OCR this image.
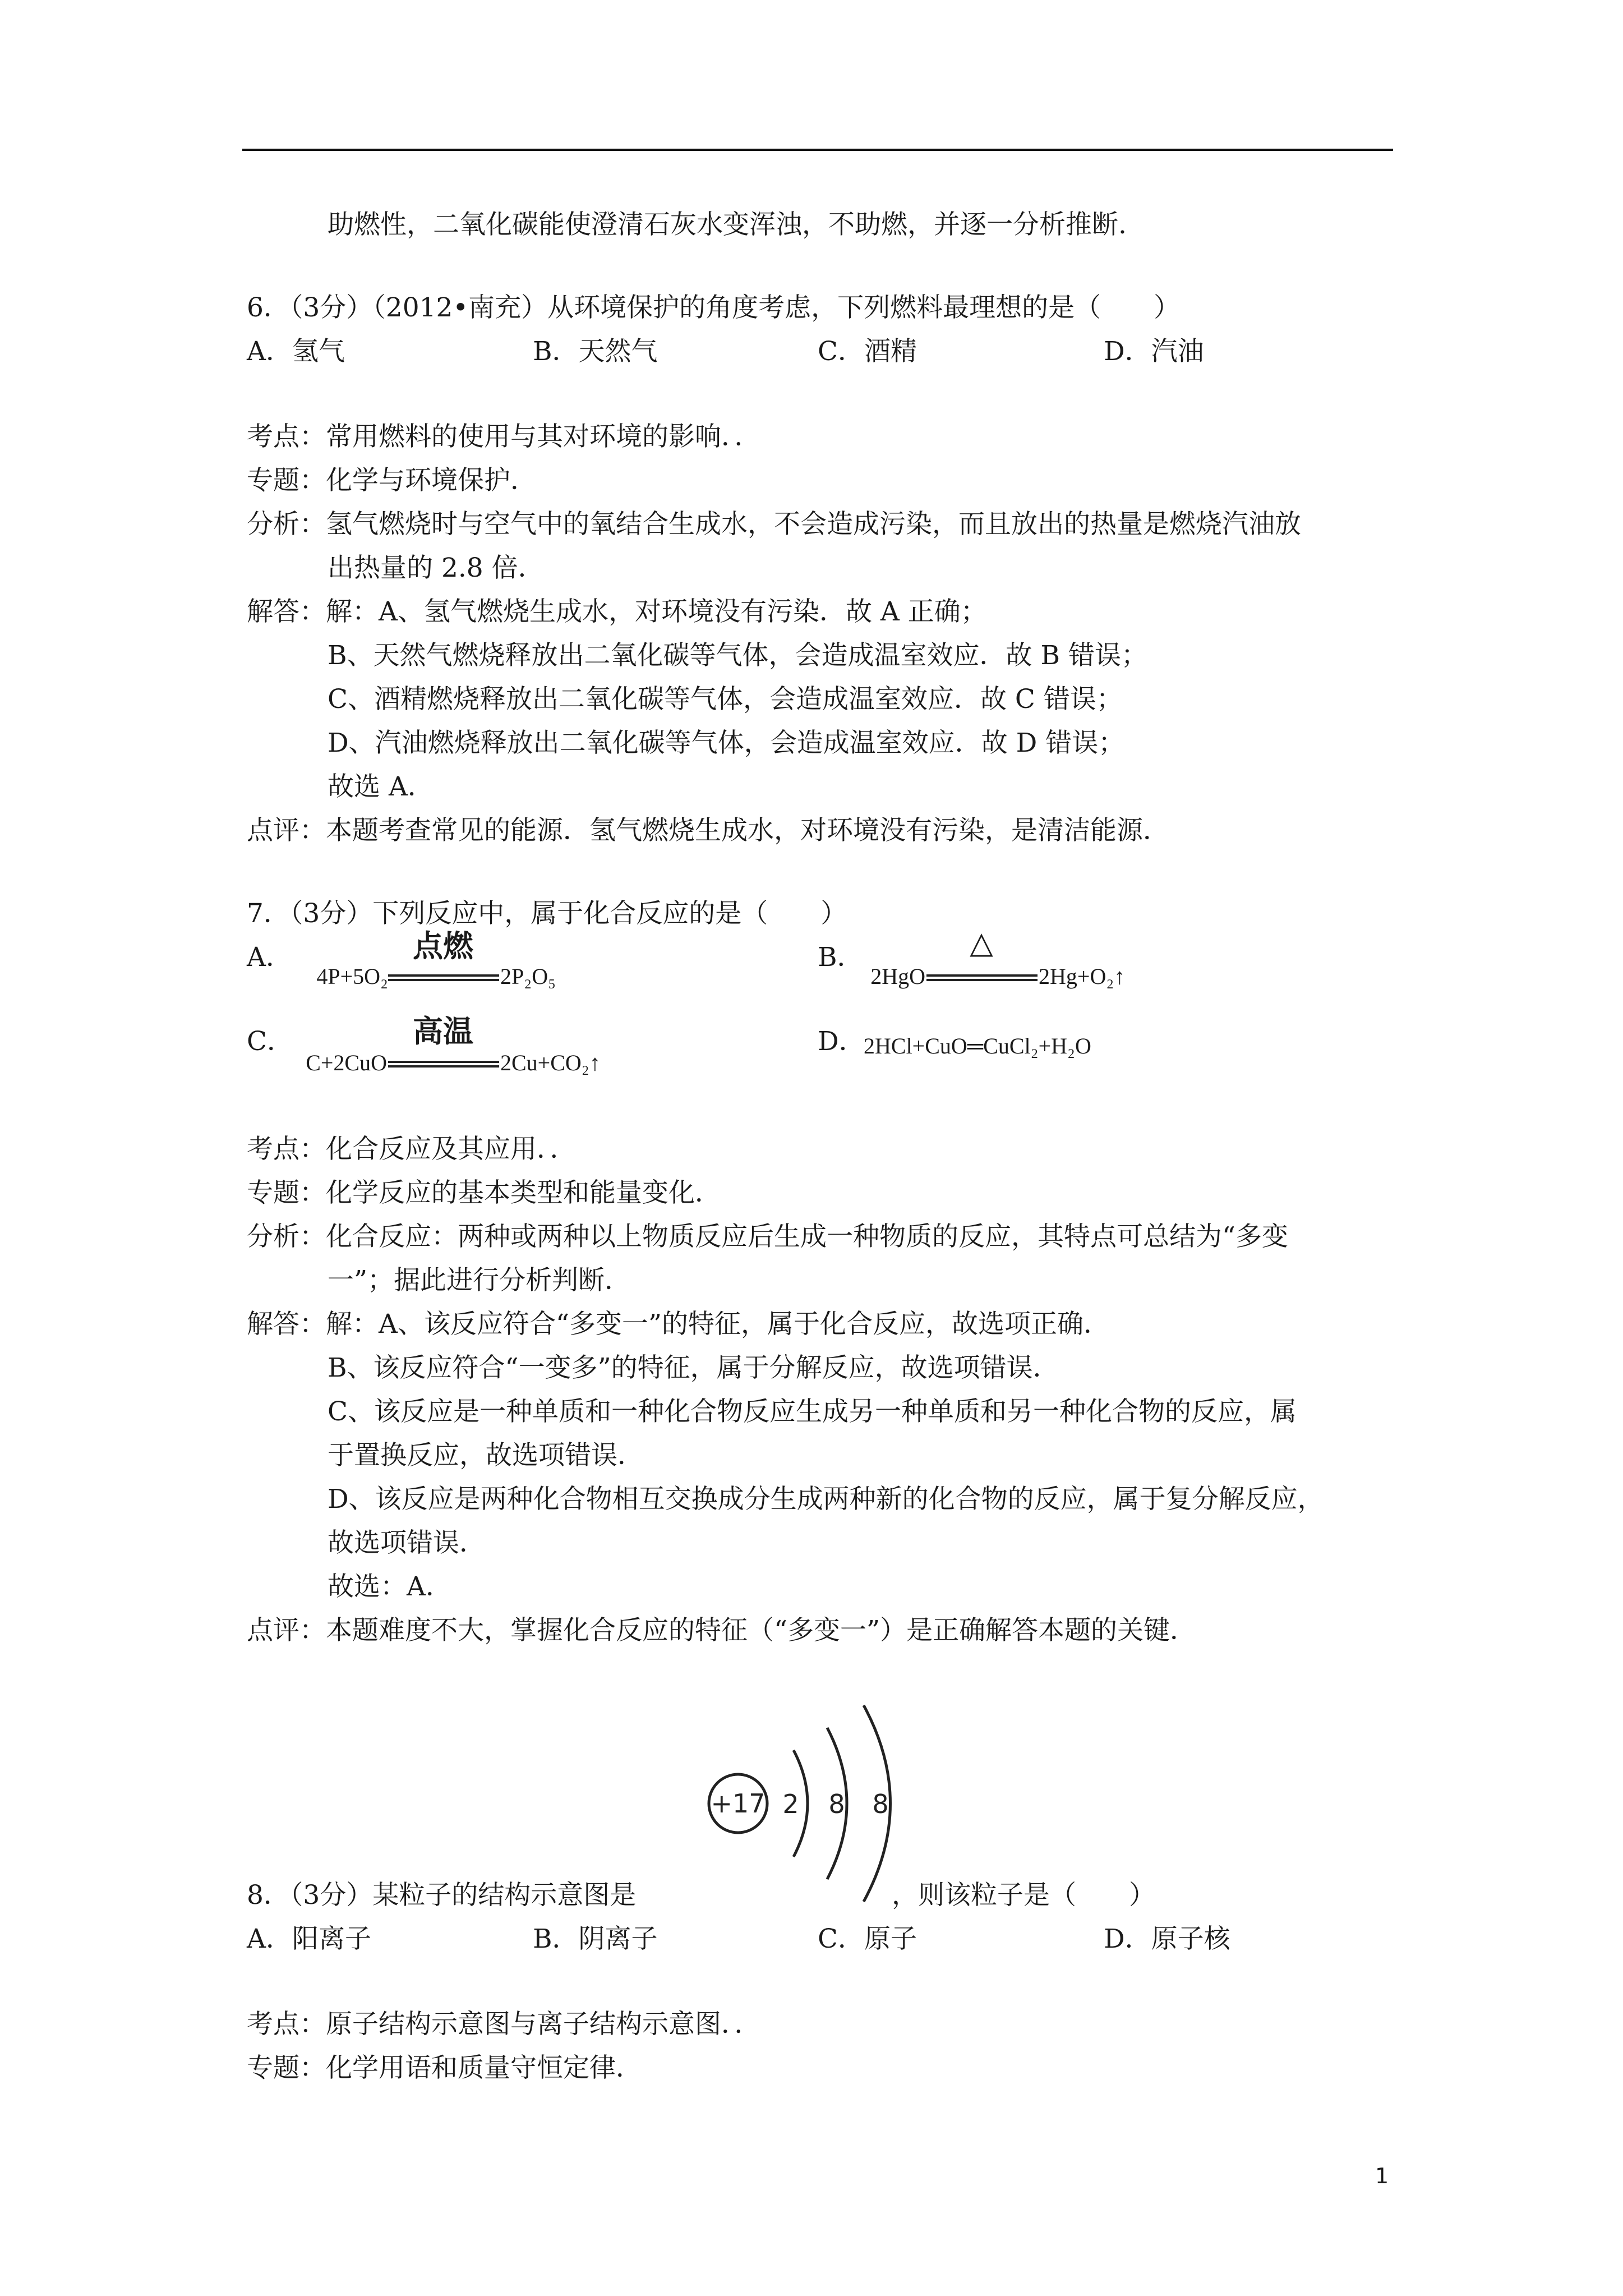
助燃性，二氧化碳能使澄清石灰水变浑浊，不助燃，并逐一分析推断.
6．（3分）（2012•南充）从环境保护的角度考虑，下列燃料最理想的是（　　）
A．氢气	B．天然气	C．酒精	D．汽油
考点：常用燃料的使用与其对环境的影响．．
专题：化学与环境保护．
分析：氢气燃烧时与空气中的氧结合生成水，不会造成污染，而且放出的热量是燃烧汽油放
出热量的 2.8 倍．
解答：解：A、氢气燃烧生成水，对环境没有污染．故 A 正确；
B、天然气燃烧释放出二氧化碳等气体，会造成温室效应．故 B 错误；
C、酒精燃烧释放出二氧化碳等气体，会造成温室效应．故 C 错误；
D、汽油燃烧释放出二氧化碳等气体，会造成温室效应．故 D 错误；
故选 A．
点评：本题考查常见的能源．氢气燃烧生成水，对环境没有污染，是清洁能源．
7．（3分）下列反应中，属于化合反应的是（　　）
A．
4P+5O₂
点燃
2P₂O₅
B．
2HgO
△
2Hg+O₂↑
C．
C+2CuO
高温
2Cu+CO₂↑
D．
2HCl+CuO═CuCl₂+H₂O
考点：化合反应及其应用．．
专题：化学反应的基本类型和能量变化．
分析：化合反应：两种或两种以上物质反应后生成一种物质的反应，其特点可总结为“多变
一”；据此进行分析判断．
解答：解：A、该反应符合“多变一”的特征，属于化合反应，故选项正确．
B、该反应符合“一变多”的特征，属于分解反应，故选项错误．
C、该反应是一种单质和一种化合物反应生成另一种单质和另一种化合物的反应，属
于置换反应，故选项错误．
D、该反应是两种化合物相互交换成分生成两种新的化合物的反应，属于复分解反应，
故选项错误．
故选：A．
点评：本题难度不大，掌握化合反应的特征（“多变一”）是正确解答本题的关键．
+17 2 8 8
8．（3分）某粒子的结构示意图是	，则该粒子是（　　）
A．阳离子	B．阴离子	C．原子	D．原子核
考点：原子结构示意图与离子结构示意图．．
专题：化学用语和质量守恒定律．
1
